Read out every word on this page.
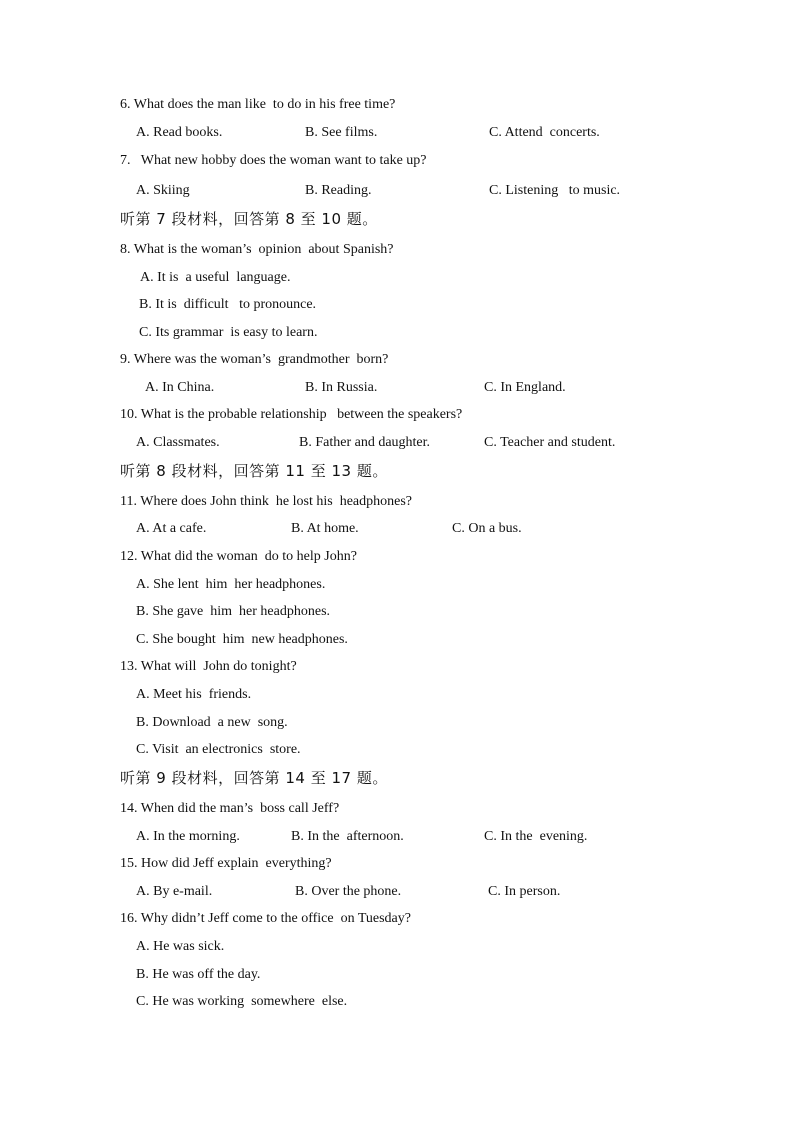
6. What does the man like  to do in his free time?
A. Read books.	B. See films.	C. Attend  concerts.
7.   What new hobby does the woman want to take up?
A. Skiing	B. Reading.	C. Listening   to music.
听第 7 段材料，回答第 8 至 10 题。
8. What is the woman’s  opinion  about Spanish?
A. It is  a useful  language.
B. It is  difficult   to pronounce.
C. Its grammar  is easy to learn.
9. Where was the woman’s  grandmother  born?
A. In China.	B. In Russia.	C. In England.
10. What is the probable relationship   between the speakers?
A. Classmates.	B. Father and daughter.	C. Teacher and student.
听第 8 段材料，回答第 11 至 13 题。
11. Where does John think  he lost his  headphones?
A. At a cafe.	B. At home.	C. On a bus.
12. What did the woman  do to help John?
A. She lent  him  her headphones.
B. She gave  him  her headphones.
C. She bought  him  new headphones.
13. What will  John do tonight?
A. Meet his  friends.
B. Download  a new  song.
C. Visit  an electronics  store.
听第 9 段材料，回答第 14 至 17 题。
14. When did the man’s  boss call Jeff?
A. In the morning.	B. In the  afternoon.	C. In the  evening.
15. How did Jeff explain  everything?
A. By e-mail.	B. Over the phone.	C. In person.
16. Why didn’t Jeff come to the office  on Tuesday?
A. He was sick.
B. He was off the day.
C. He was working  somewhere  else.
